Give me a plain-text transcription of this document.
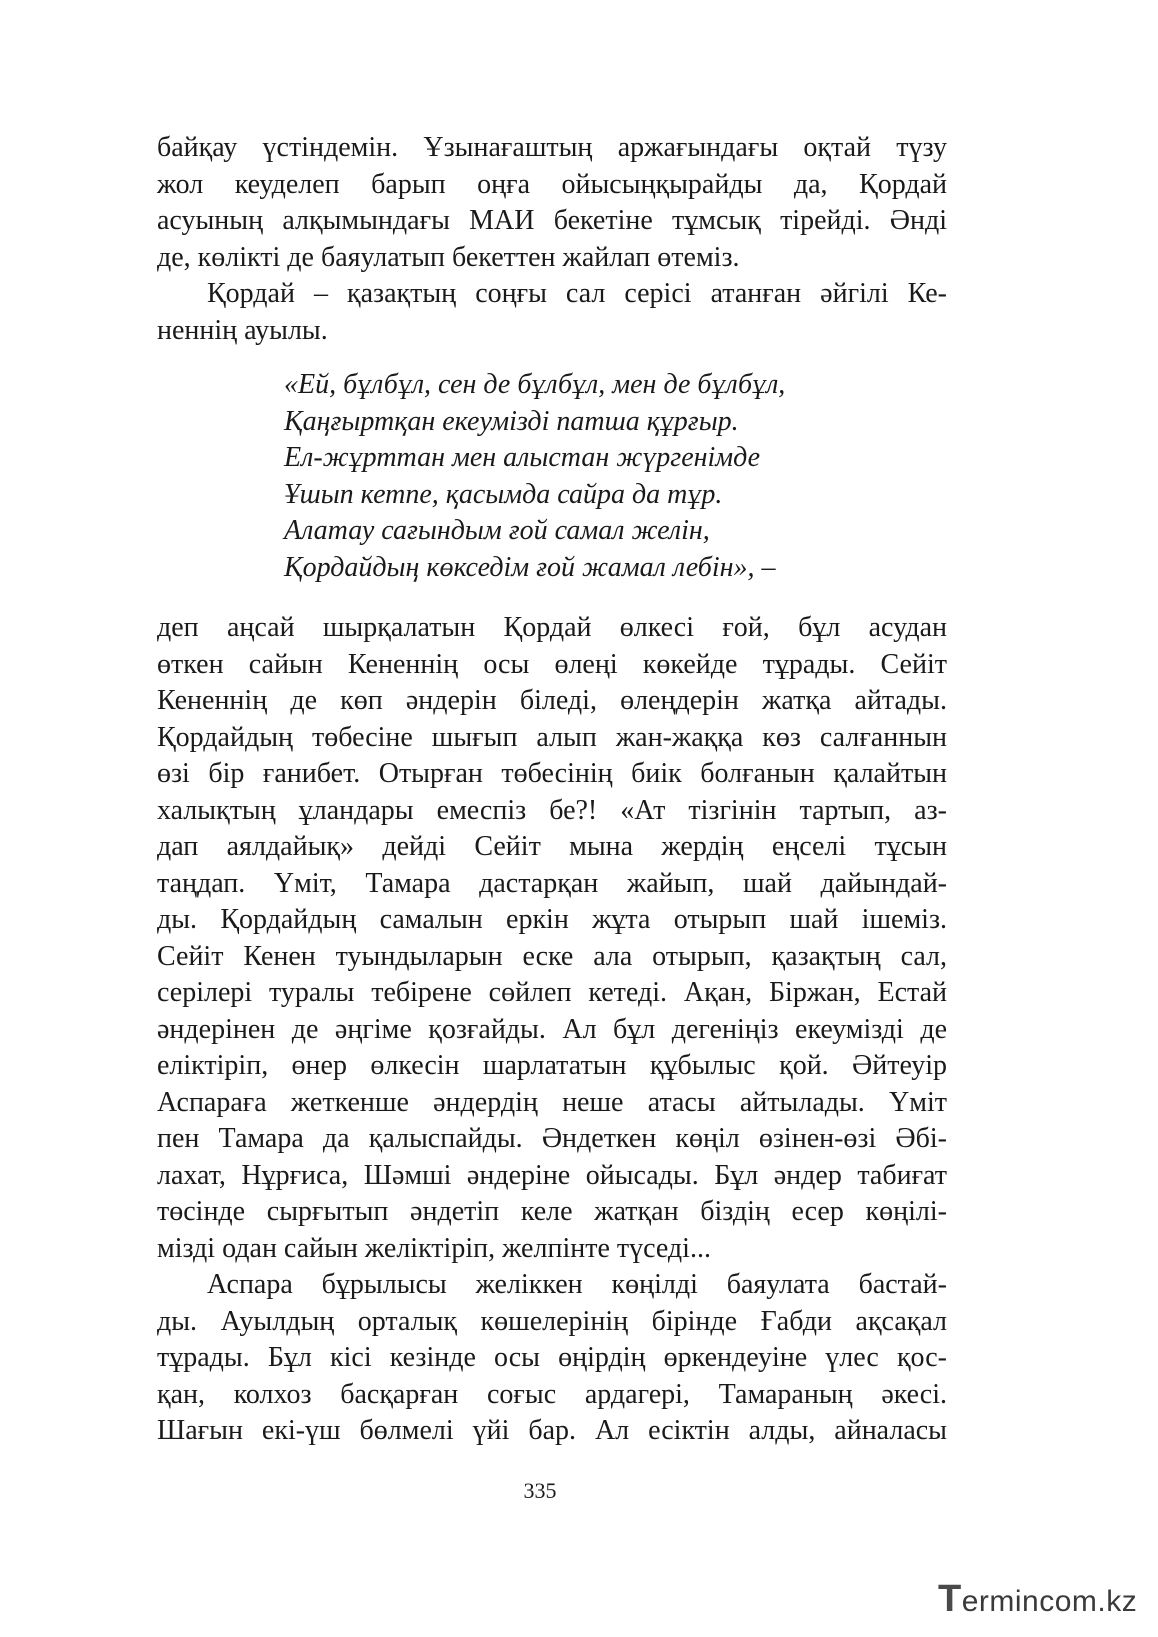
байқау үстіндемін. Ұзынағаштың аржағындағы оқтай түзу
жол кеуделеп барып оңға ойысыңқырайды да, Қордай
асуының алқымындағы МАИ бекетіне тұмсық тірейді. Әнді
де, көлікті де баяулатып бекеттен жайлап өтеміз.
Қордай – қазақтың соңғы сал серісі атанған әйгілі Ке-
неннің ауылы.
«Ей, бұлбұл, сен де бұлбұл, мен де бұлбұл,
Қаңғыртқан екеумізді патша құрғыр.
Ел-жұрттан мен алыстан жүргенімде
Ұшып кетпе, қасымда сайра да тұр.
Алатау сағындым ғой самал желін,
Қордайдың көкседім ғой жамал лебін», –
деп аңсай шырқалатын Қордай өлкесі ғой, бұл асудан
өткен сайын Кененнің осы өлеңі көкейде тұрады. Сейіт
Кененнің де көп әндерін біледі, өлеңдерін жатқа айтады.
Қордайдың төбесіне шығып алып жан-жаққа көз салғаннын
өзі бір ғанибет. Отырған төбесінің биік болғанын қалайтын
халықтың ұландары емеспіз бе?! «Ат тізгінін тартып, аз-
дап аялдайық» дейді Сейіт мына жердің еңселі тұсын
таңдап. Үміт, Тамара дастарқан жайып, шай дайындай-
ды. Қордайдың самалын еркін жұта отырып шай ішеміз.
Сейіт Кенен туындыларын еске ала отырып, қазақтың сал,
серілері туралы тебірене сөйлеп кетеді. Ақан, Біржан, Естай
әндерінен де әңгіме қозғайды. Ал бұл дегеніңіз екеумізді де
еліктіріп, өнер өлкесін шарлататын құбылыс қой. Әйтеуір
Аспараға жеткенше әндердің неше атасы айтылады. Үміт
пен Тамара да қалыспайды. Әндеткен көңіл өзінен-өзі Әбі-
лахат, Нұрғиса, Шәмші әндеріне ойысады. Бұл әндер табиғат
төсінде сырғытып әндетіп келе жатқан біздің есер көңілі-
мізді одан сайын желіктіріп, желпінте түседі...
Аспара бұрылысы желіккен көңілді баяулата бастай-
ды. Ауылдың орталық көшелерінің бірінде Ғабди ақсақал
тұрады. Бұл кісі кезінде осы өңірдің өркендеуіне үлес қос-
қан, колхоз басқарған соғыс ардагері, Тамараның әкесі.
Шағын екі-үш бөлмелі үйі бар. Ал есіктін алды, айналасы
335
Termincom.kz
